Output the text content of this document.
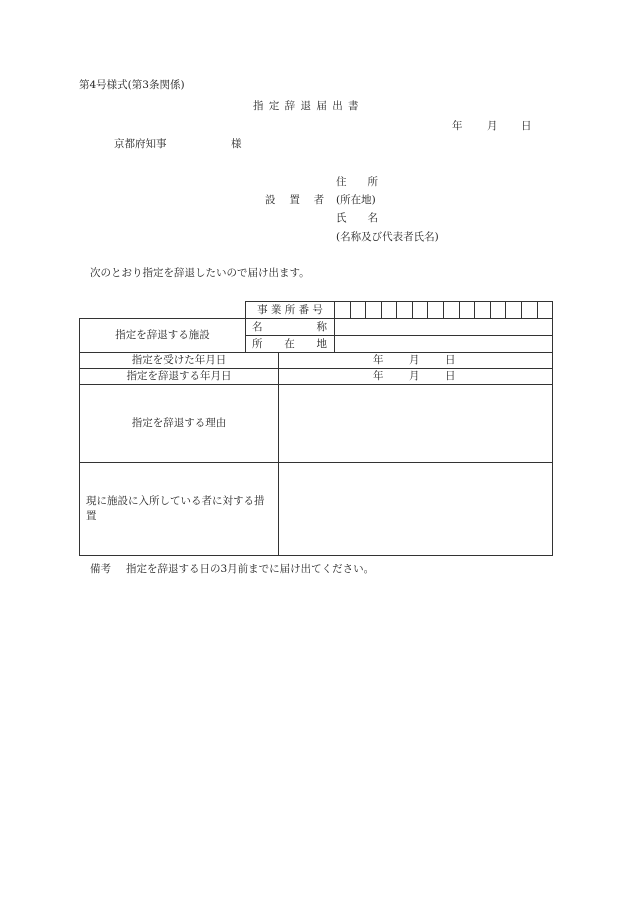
第4号様式(第3条関係)
指 定 辞 退 届 出 書
年 月 日
京都府知事	様
住　　所
設　 置　 者 (所在地)
氏　　名
(名称及び代表者氏名)
次のとおり指定を辞退したいので届け出ます。
	事 業 所 番 号		

指定を辞退する施設	名 称		

	所 在 地		

指定を受けた年月日		年 月 日	

指定を辞退する年月日		年 月 日	

指定を辞退する理由			

現に施設に入所している者に対する措置			

備考 指定を辞退する日の3月前までに届け出てください。
